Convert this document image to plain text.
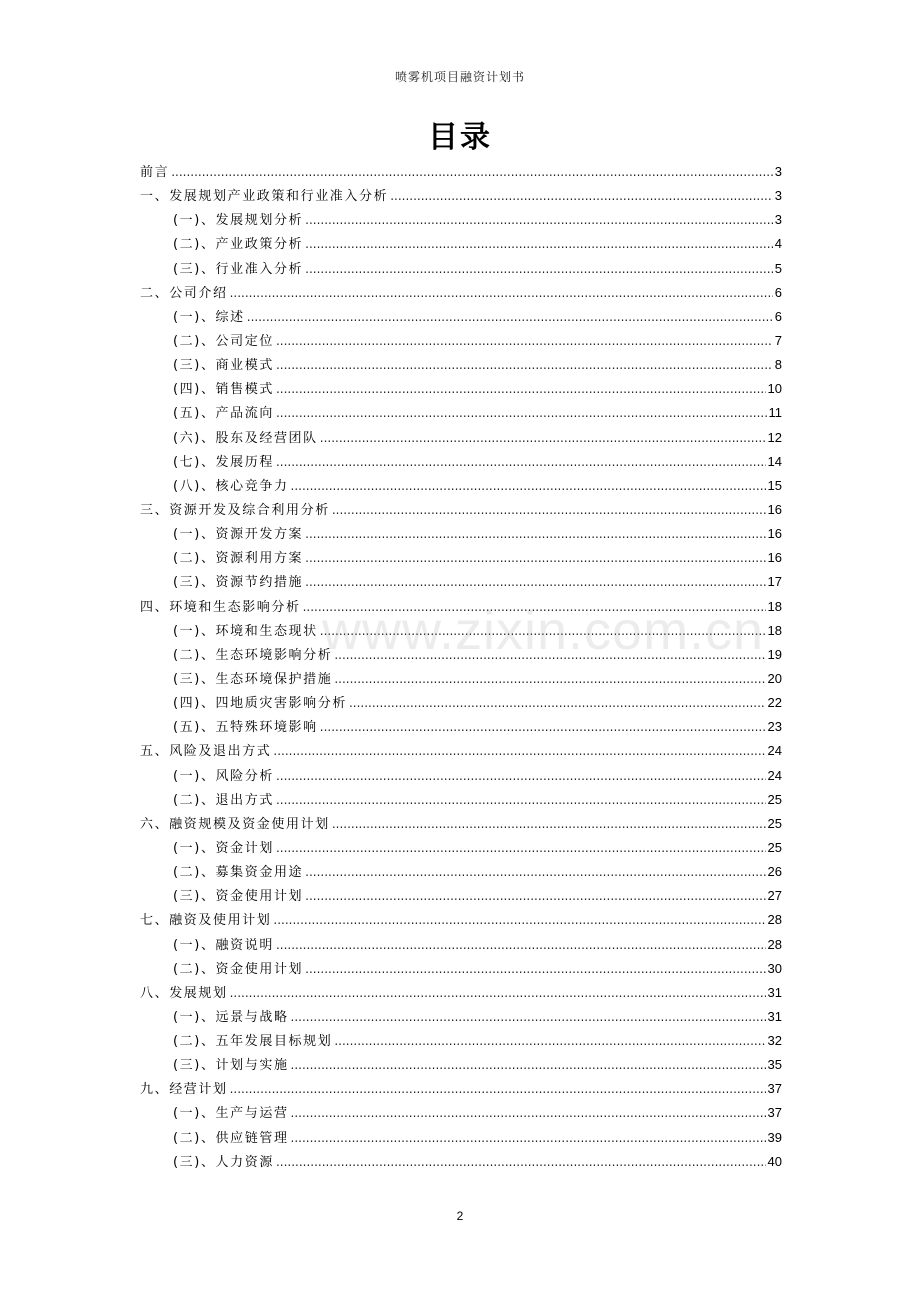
喷雾机项目融资计划书
目录
前言 .....	3
一、发展规划产业政策和行业准入分析 .....	3
(一)、发展规划分析 .....	3
(二)、产业政策分析 .....	4
(三)、行业准入分析 .....	5
二、公司介绍 .....	6
(一)、综述 .....	6
(二)、公司定位 .....	7
(三)、商业模式 .....	8
(四)、销售模式 .....	10
(五)、产品流向 .....	11
(六)、股东及经营团队 .....	12
(七)、发展历程 .....	14
(八)、核心竞争力 .....	15
三、资源开发及综合利用分析 .....	16
(一)、资源开发方案 .....	16
(二)、资源利用方案 .....	16
(三)、资源节约措施 .....	17
四、环境和生态影响分析 .....	18
(一)、环境和生态现状 .....	18
(二)、生态环境影响分析 .....	19
(三)、生态环境保护措施 .....	20
(四)、四地质灾害影响分析 .....	22
(五)、五特殊环境影响 .....	23
五、风险及退出方式 .....	24
(一)、风险分析 .....	24
(二)、退出方式 .....	25
六、融资规模及资金使用计划 .....	25
(一)、资金计划 .....	25
(二)、募集资金用途 .....	26
(三)、资金使用计划 .....	27
七、融资及使用计划 .....	28
(一)、融资说明 .....	28
(二)、资金使用计划 .....	30
八、发展规划 .....	31
(一)、远景与战略 .....	31
(二)、五年发展目标规划 .....	32
(三)、计划与实施 .....	35
九、经营计划 .....	37
(一)、生产与运营 .....	37
(二)、供应链管理 .....	39
(三)、人力资源 .....	40
www.zixin.com.cn
2
